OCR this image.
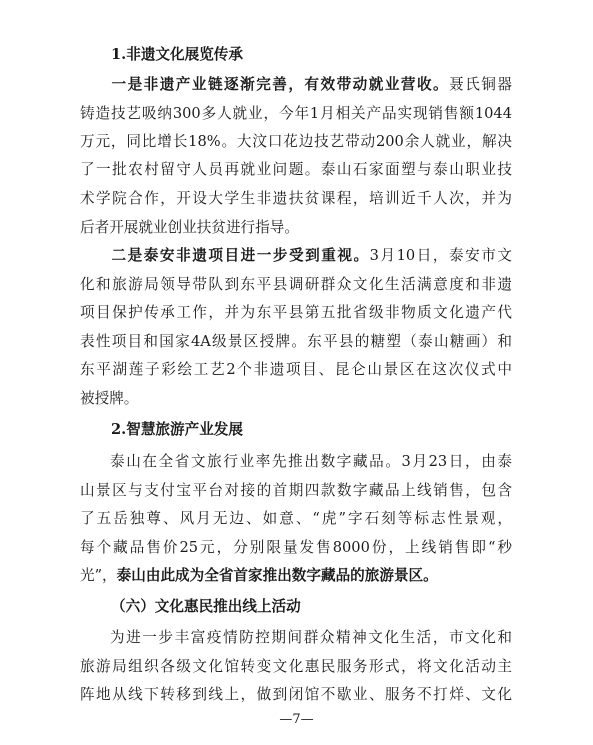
1.非遗文化展览传承
一是非遗产业链逐渐完善，有效带动就业营收。聂氏铜器
铸造技艺吸纳300多人就业，今年1月相关产品实现销售额1044
万元，同比增长18%。大汶口花边技艺带动200余人就业，解决
了一批农村留守人员再就业问题。泰山石家面塑与泰山职业技
术学院合作，开设大学生非遗扶贫课程，培训近千人次，并为
后者开展就业创业扶贫进行指导。
二是泰安非遗项目进一步受到重视。3月10日，泰安市文
化和旅游局领导带队到东平县调研群众文化生活满意度和非遗
项目保护传承工作，并为东平县第五批省级非物质文化遗产代
表性项目和国家4A级景区授牌。东平县的糖塑（泰山糖画）和
东平湖莲子彩绘工艺2个非遗项目、昆仑山景区在这次仪式中
被授牌。
2.智慧旅游产业发展
泰山在全省文旅行业率先推出数字藏品。3月23日，由泰
山景区与支付宝平台对接的首期四款数字藏品上线销售，包含
了五岳独尊、风月无边、如意、“虎”字石刻等标志性景观，
每个藏品售价25元，分别限量发售8000份，上线销售即“秒
光”，泰山由此成为全省首家推出数字藏品的旅游景区。
（六）文化惠民推出线上活动
为进一步丰富疫情防控期间群众精神文化生活，市文化和
旅游局组织各级文化馆转变文化惠民服务形式，将文化活动主
阵地从线下转移到线上，做到闭馆不歇业、服务不打烊、文化
—7—
